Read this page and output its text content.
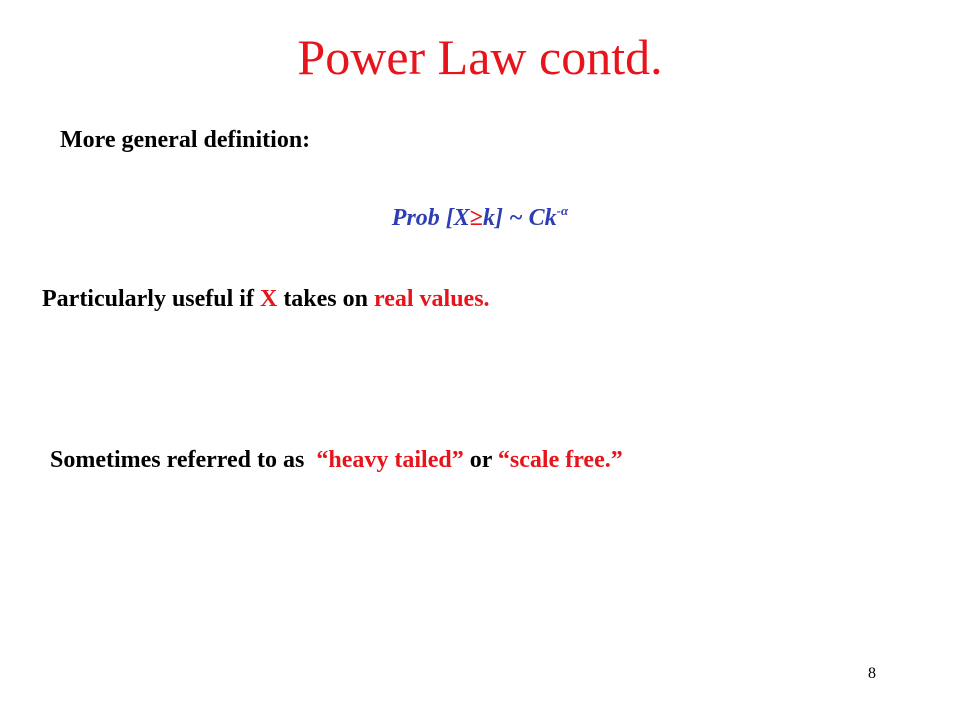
Power Law contd.
More general definition:
Prob [X≥k] ~ $Ck^{-\alpha}$
Particularly useful if X takes on real values.
Sometimes referred to as  “heavy tailed” or “scale free.”
8
